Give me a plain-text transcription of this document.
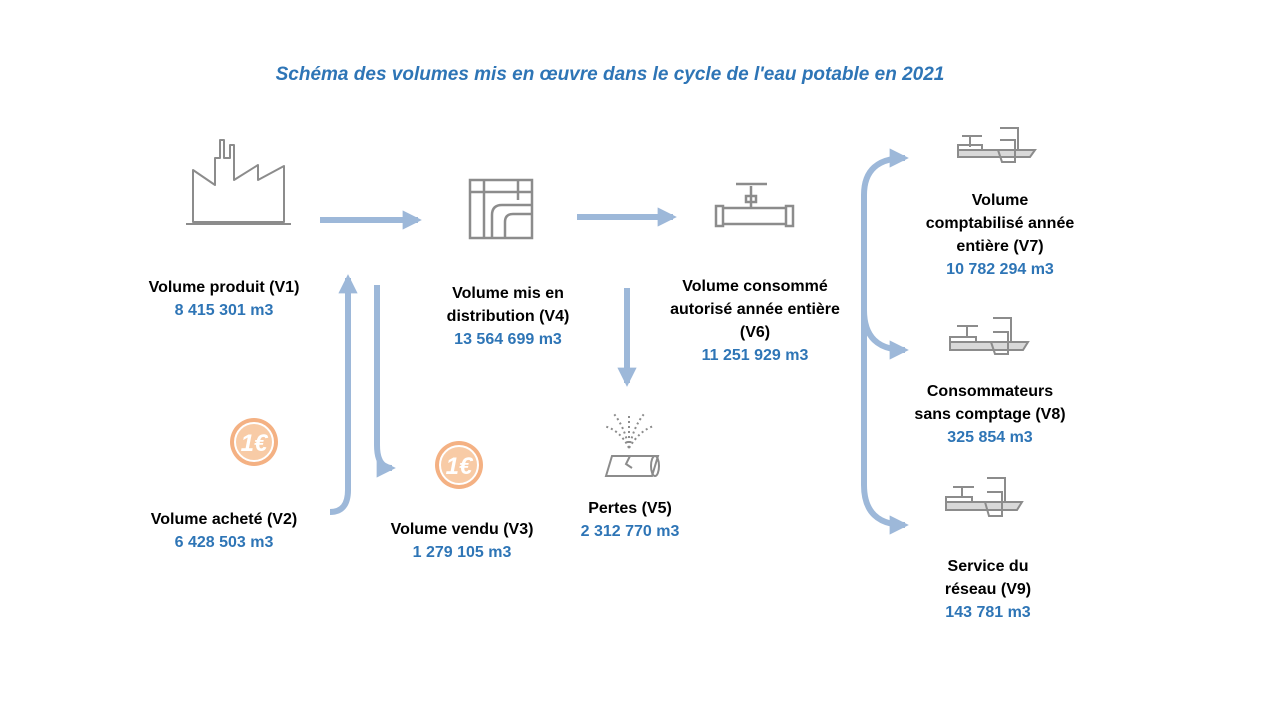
Schéma des volumes mis en œuvre dans le cycle de l'eau potable en 2021
1€
1€
Volume produit (V1)
8 415 301 m3
Volume acheté (V2)
6 428 503 m3
Volume vendu (V3)
1 279 105 m3
Volume mis en
distribution (V4)
13 564 699 m3
Pertes (V5)
2 312 770 m3
Volume consommé
autorisé année entière
(V6)
11 251 929 m3
Volume
comptabilisé année
entière (V7)
10 782 294 m3
Consommateurs
sans comptage (V8)
325 854 m3
Service du
réseau (V9)
143 781 m3
